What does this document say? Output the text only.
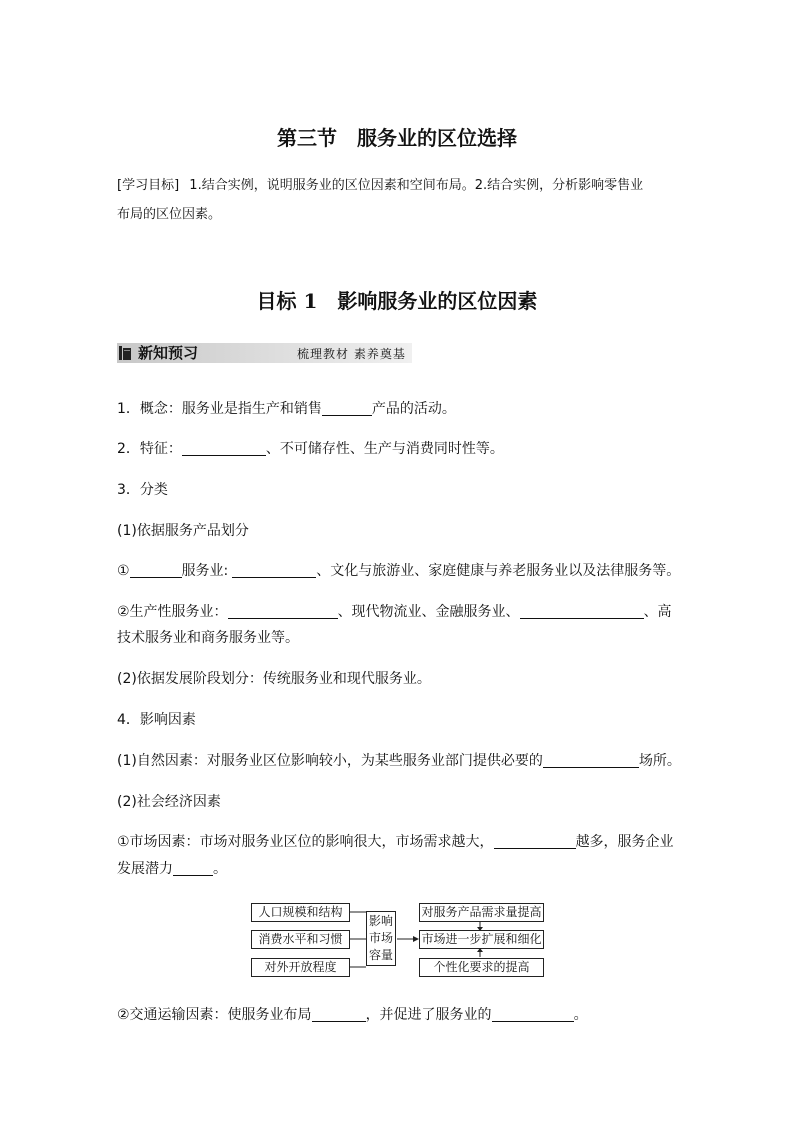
第三节　服务业的区位选择
[学习目标] 1.结合实例，说明服务业的区位因素和空间布局。2.结合实例，分析影响零售业
布局的区位因素。
目标 1　影响服务业的区位因素
新知预习	梳理教材 素养奠基
1．概念：服务业是指生产和销售	产品的活动。
2．特征：	、不可储存性、生产与消费同时性等。
3．分类
(1)依据服务产品划分
①	服务业:	、文化与旅游业、家庭健康与养老服务业以及法律服务等。
②生产性服务业：	、现代物流业、金融服务业、	、高
技术服务业和商务服务业等。
(2)依据发展阶段划分：传统服务业和现代服务业。
4．影响因素
(1)自然因素：对服务业区位影响较小，为某些服务业部门提供必要的	场所。
(2)社会经济因素
①市场因素：市场对服务业区位的影响很大，市场需求越大，	越多，服务企业
发展潜力	。
人口规模和结构
消费水平和习惯
对外开放程度
影响
市场
容量
对服务产品需求量提高
市场进一步扩展和细化
个性化要求的提高
②交通运输因素：使服务业布局	，并促进了服务业的	。
